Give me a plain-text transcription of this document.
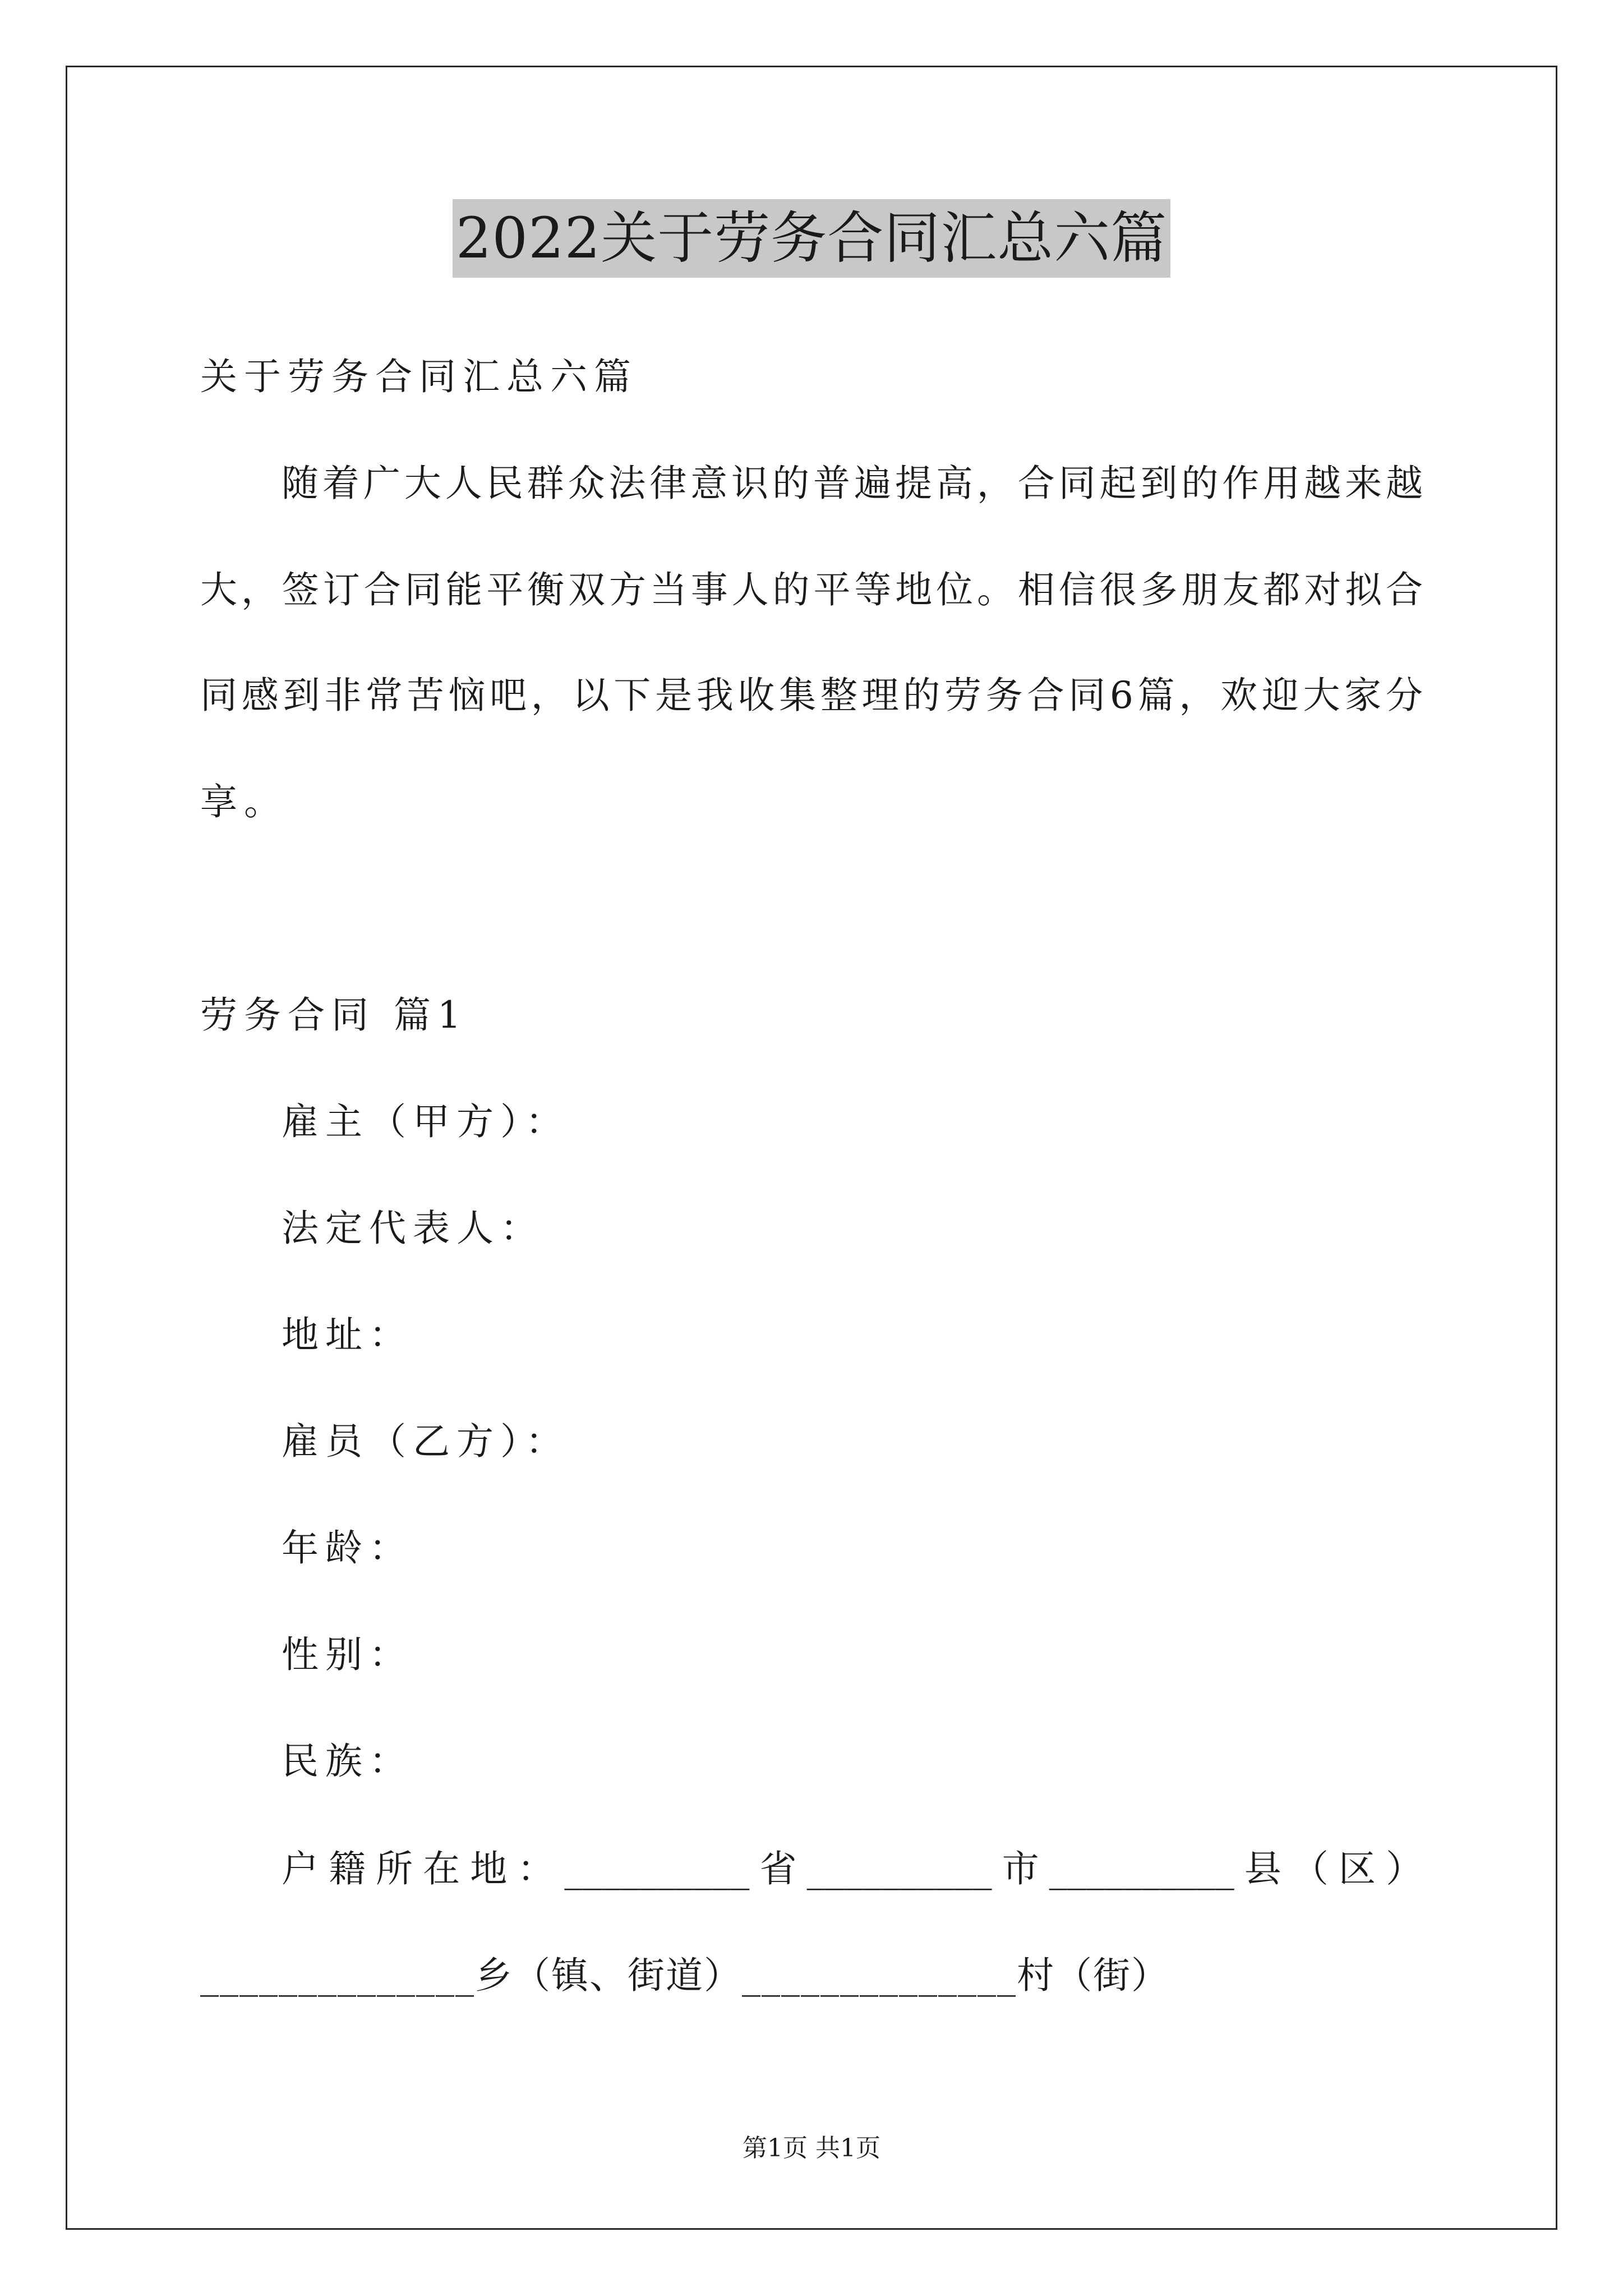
2022关于劳务合同汇总六篇
关于劳务合同汇总六篇
随着广大人民群众法律意识的普遍提高，合同起到的作用越来越
大，签订合同能平衡双方当事人的平等地位。相信很多朋友都对拟合
同感到非常苦恼吧，以下是我收集整理的劳务合同6篇，欢迎大家分
享。
劳务合同 篇1
雇主（甲方）：
法定代表人：
地址：
雇员（乙方）：
年龄：
性别：
民族：
户籍所在地：__________省__________市__________县（区）
______________乡（镇、街道）______________村（街）
第1页 共1页
